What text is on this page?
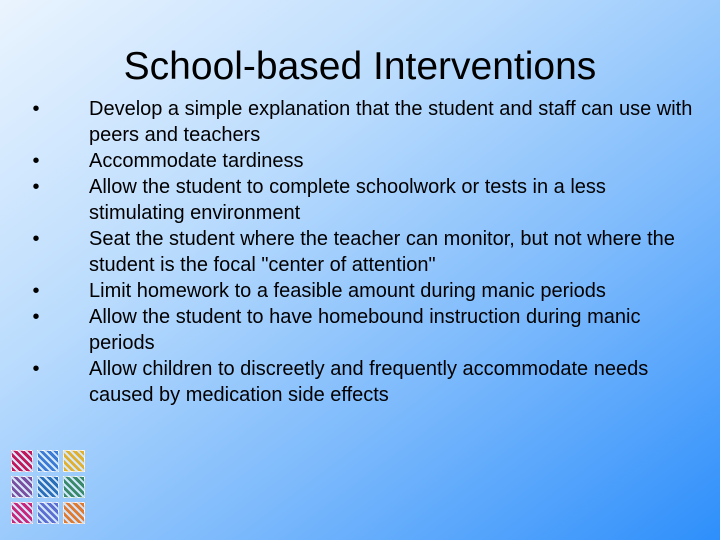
School-based Interventions
• Develop a simple explanation that the student and staff can use with peers and teachers
• Accommodate tardiness
• Allow the student to complete schoolwork or tests in a less stimulating environment
• Seat the student where the teacher can monitor, but not where the student is the focal "center of attention"
• Limit homework to a feasible amount during manic periods
• Allow the student to have homebound instruction during manic periods
• Allow children to discreetly and frequently accommodate needs caused by medication side effects
